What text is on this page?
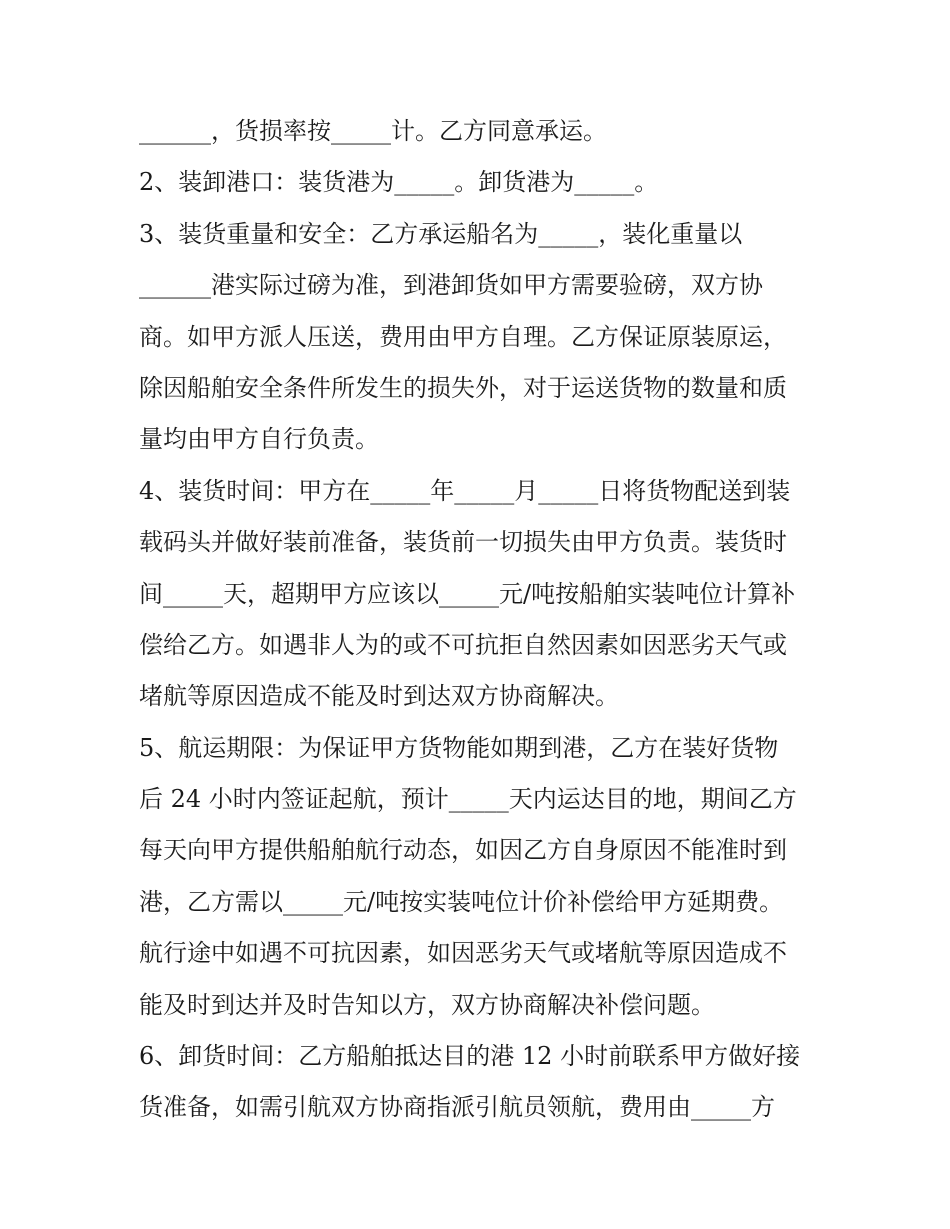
______，货损率按_____计。乙方同意承运。
2、装卸港口：装货港为_____。卸货港为_____。
3、装货重量和安全：乙方承运船名为_____，装化重量以
______港实际过磅为准，到港卸货如甲方需要验磅，双方协
商。如甲方派人压送，费用由甲方自理。乙方保证原装原运，
除因船舶安全条件所发生的损失外，对于运送货物的数量和质
量均由甲方自行负责。
4、装货时间：甲方在_____年_____月_____日将货物配送到装
载码头并做好装前准备，装货前一切损失由甲方负责。装货时
间_____天，超期甲方应该以_____元/吨按船舶实装吨位计算补
偿给乙方。如遇非人为的或不可抗拒自然因素如因恶劣天气或
堵航等原因造成不能及时到达双方协商解决。
5、航运期限：为保证甲方货物能如期到港，乙方在装好货物
后 24 小时内签证起航，预计_____天内运达目的地，期间乙方
每天向甲方提供船舶航行动态，如因乙方自身原因不能准时到
港，乙方需以_____元/吨按实装吨位计价补偿给甲方延期费。
航行途中如遇不可抗因素，如因恶劣天气或堵航等原因造成不
能及时到达并及时告知以方，双方协商解决补偿问题。
6、卸货时间：乙方船舶抵达目的港 12 小时前联系甲方做好接
货准备，如需引航双方协商指派引航员领航，费用由_____方
